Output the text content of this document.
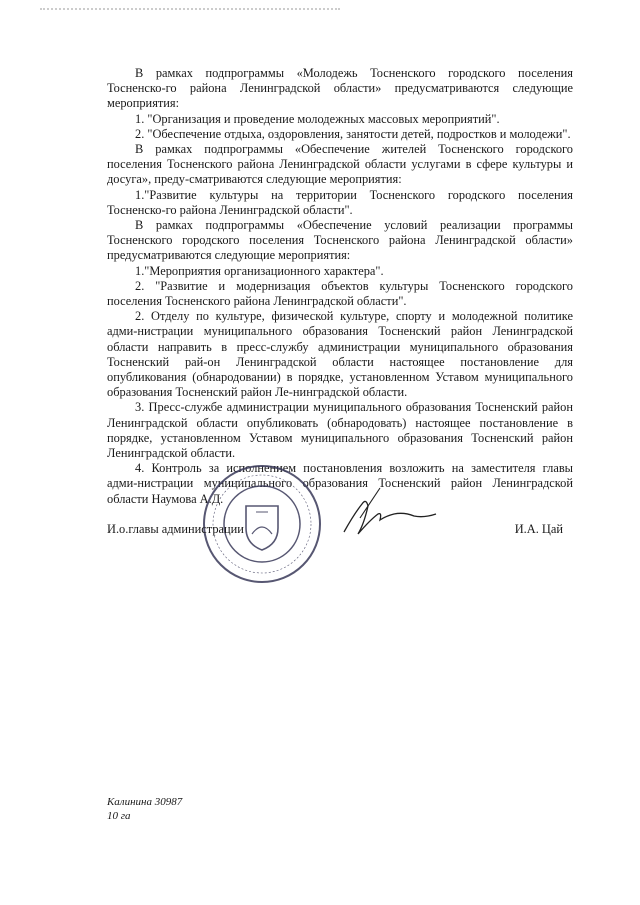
В рамках подпрограммы «Молодежь Тосненского городского поселения Тосненско-го района Ленинградской области» предусматриваются следующие мероприятия:

1. "Организация и проведение молодежных массовых мероприятий".

2. "Обеспечение отдыха, оздоровления, занятости детей, подростков и молодежи".

В рамках подпрограммы «Обеспечение жителей Тосненского городского поселения Тосненского района Ленинградской области услугами в сфере культуры и досуга», преду-сматриваются следующие мероприятия:

1."Развитие культуры на территории Тосненского городского поселения Тосненско-го района Ленинградской области".

В рамках подпрограммы «Обеспечение условий реализации программы Тосненского городского поселения Тосненского района Ленинградской области» предусматриваются следующие мероприятия:

1."Мероприятия организационного характера".

2. "Развитие и модернизация объектов культуры Тосненского городского поселения Тосненского района Ленинградской области".

2. Отделу по культуре, физической культуре, спорту и молодежной политике адми-нистрации муниципального образования Тосненский район Ленинградской области направить в пресс-службу администрации муниципального образования Тосненский рай-он Ленинградской области настоящее постановление для опубликования (обнародовании) в порядке, установленном Уставом муниципального образования Тосненский район Ле-нинградской области.

3. Пресс-службе администрации муниципального образования Тосненский район Ленинградской области опубликовать (обнародовать) настоящее постановление в порядке, установленном Уставом муниципального образования Тосненский район Ленинградской области.

4. Контроль за исполнением постановления возложить на заместителя главы адми-нистрации муниципального образования Тосненский район Ленинградской области Наумова А.Д.

И.о.главы администрации	И.А. Цай
Калинина 30987
10 га
